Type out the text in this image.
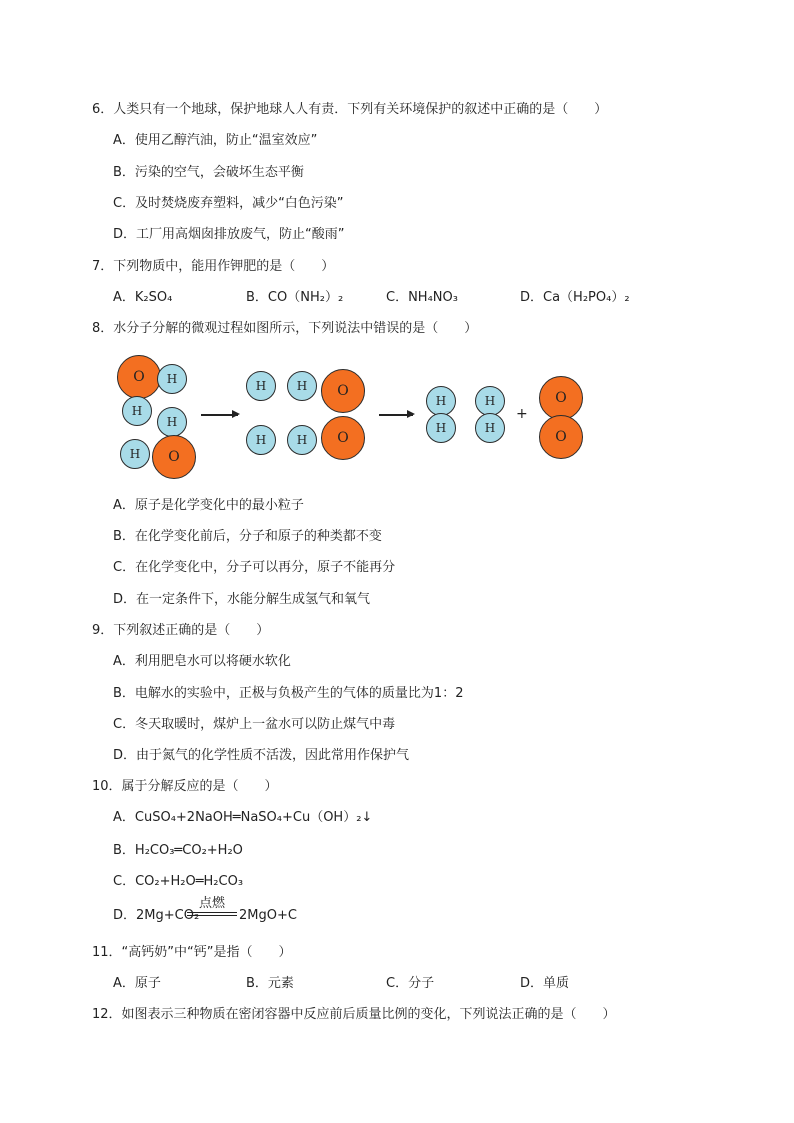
6．人类只有一个地球，保护地球人人有责．下列有关环境保护的叙述中正确的是（　　）
A．使用乙醇汽油，防止“温室效应”
B．污染的空气，会破坏生态平衡
C．及时焚烧废弃塑料，减少“白色污染”
D．工厂用高烟囱排放废气，防止“酸雨”
7．下列物质中，能用作钾肥的是（　　）
A．K₂SO₄	B．CO（NH₂）₂	C．NH₄NO₃	D．Ca（H₂PO₄）₂
8．水分子分解的微观过程如图所示，下列说法中错误的是（　　）
O	H
H
H
H	O
H	H	O
H	H	O
H
H
H
H
+
O
O
A．原子是化学变化中的最小粒子
B．在化学变化前后，分子和原子的种类都不变
C．在化学变化中，分子可以再分，原子不能再分
D．在一定条件下，水能分解生成氢气和氧气
9．下列叙述正确的是（　　）
A．利用肥皂水可以将硬水软化
B．电解水的实验中，正极与负极产生的气体的质量比为1：2
C．冬天取暖时，煤炉上一盆水可以防止煤气中毒
D．由于氮气的化学性质不活泼，因此常用作保护气
10．属于分解反应的是（　　）
A．CuSO₄+2NaOH═NaSO₄+Cu（OH）₂↓
B．H₂CO₃═CO₂+H₂O
C．CO₂+H₂O═H₂CO₃
D．2Mg+CO₂
点燃
2MgO+C
11．“高钙奶”中“钙”是指（　　）
A．原子	B．元素	C．分子	D．单质
12．如图表示三种物质在密闭容器中反应前后质量比例的变化，下列说法正确的是（　　）
